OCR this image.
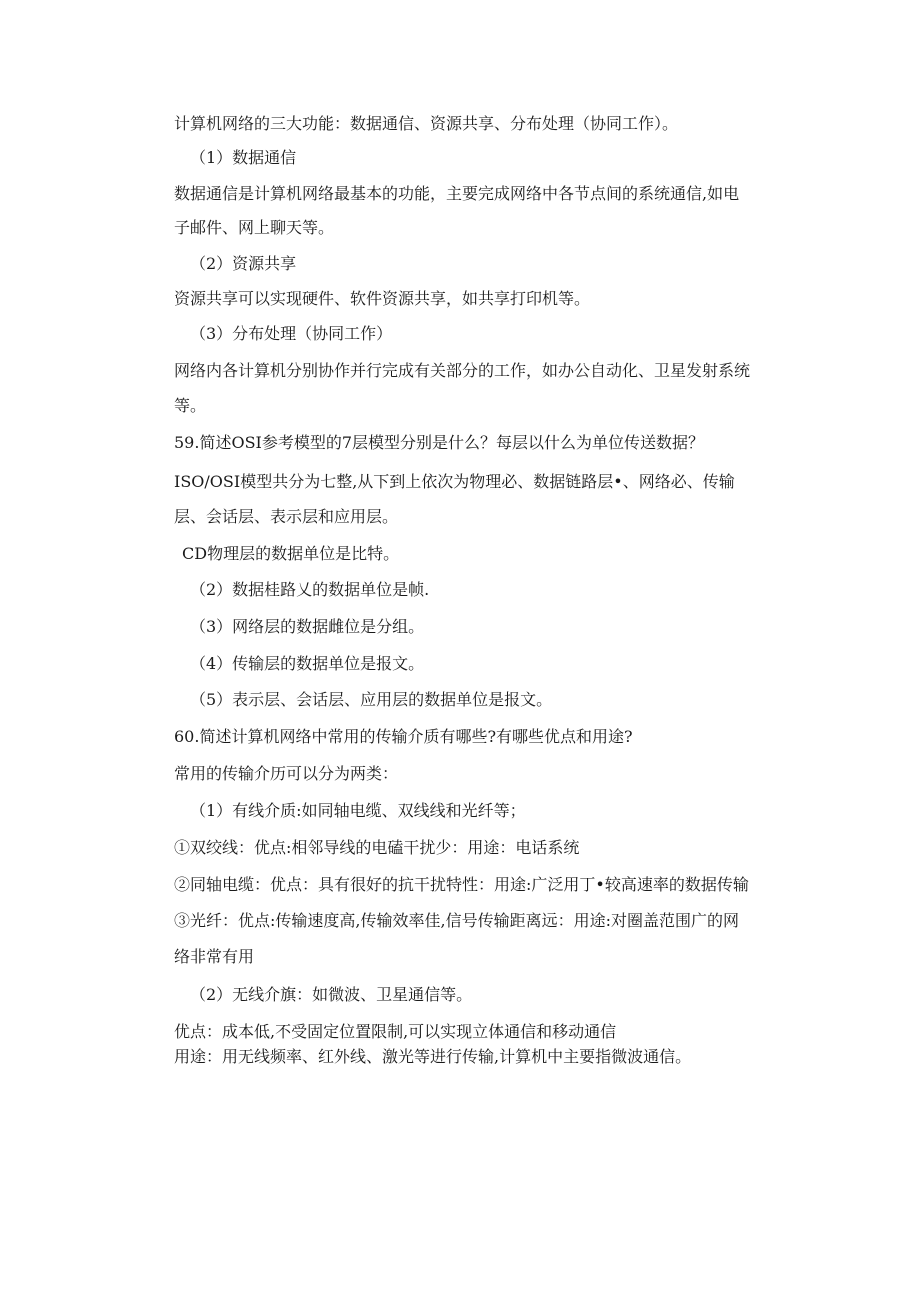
计算机网络的三大功能：数据通信、资源共享、分布处理（协同工作）。
（1）数据通信
数据通信是计算机网络最基本的功能，主要完成网络中各节点间的系统通信,如电
子邮件、网上聊天等。
（2）资源共享
资源共享可以实现硬件、软件资源共享，如共享打印机等。
（3）分布处理（协同工作）
网络内各计算机分别协作并行完成有关部分的工作，如办公自动化、卫星发射系统
等。
59.简述OSI参考模型的7层模型分别是什么？每层以什么为单位传送数据？
ISO/OSI模型共分为七整,从下到上依次为物理必、数据链路层•、网络必、传输
层、会话层、表示层和应用层。
CD物理层的数据单位是比特。
（2）数据桂路乂的数据单位是帧.
（3）网络层的数据雌位是分组。
（4）传输层的数据单位是报文。
（5）表示层、会话层、应用层的数据单位是报文。
60.简述计算机网络中常用的传输介质有哪些?有哪些优点和用途?
常用的传输介历可以分为两类：
（1）有线介质:如同轴电缆、双线线和光纤等；
①双绞线：优点:相邻导线的电磕干扰少：用途：电话系统
②同轴电缆：优点：具有很好的抗干扰特性：用途:广泛用丁•较高速率的数据传输
③光纤：优点:传输速度高,传输效率佳,信号传输距离远：用途:对圈盖范围广的网
络非常有用
（2）无线介旗：如微波、卫星通信等。
优点：成本低,不受固定位置限制,可以实现立体通信和移动通信
用途：用无线频率、红外线、激光等进行传输,计算机中主要指微波通信。
